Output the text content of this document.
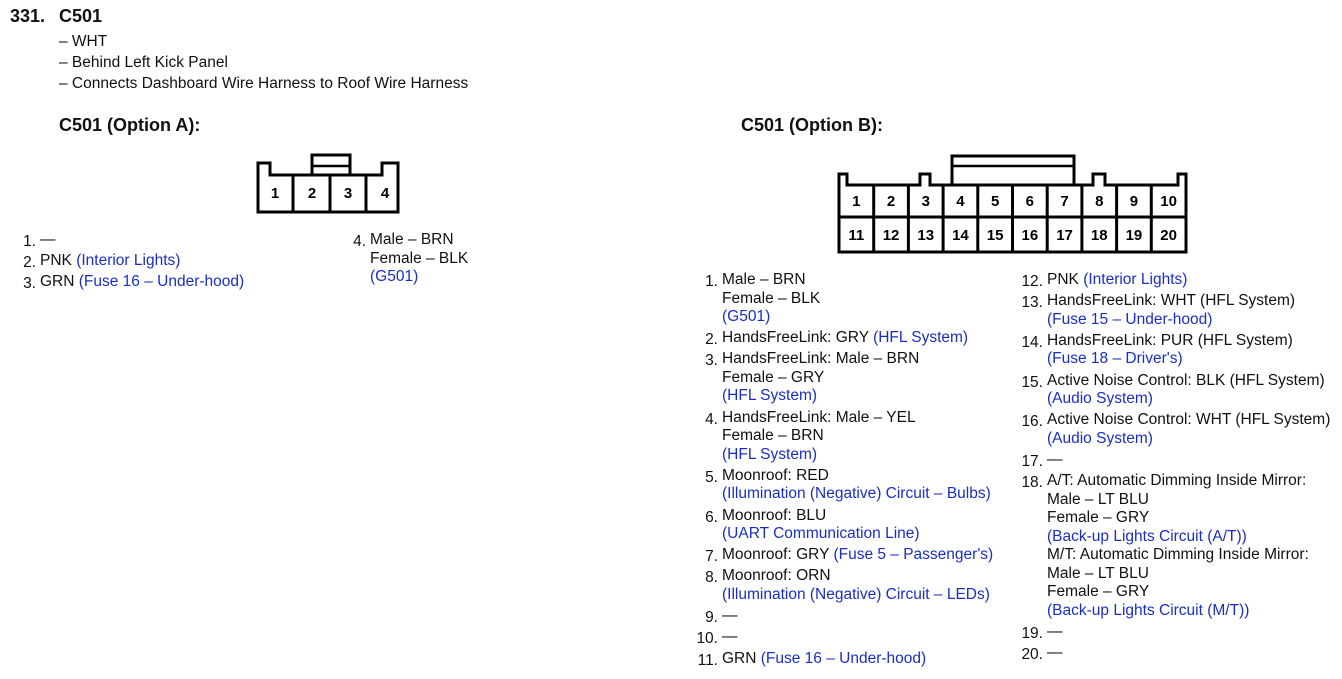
331. C501
– WHT
– Behind Left Kick Panel
– Connects Dashboard Wire Harness to Roof Wire Harness
C501 (Option A):
1 2 3 4
1. —
2. PNK (Interior Lights)
3. GRN (Fuse 16 – Under-hood)
4. Male – BRN
Female – BLK
(G501)
C501 (Option B):
1 2 3 4 5 6 7 8 9 10
11 12 13 14 15 16 17 18 19 20
1. Male – BRN
Female – BLK
(G501)
2. HandsFreeLink: GRY (HFL System)
3. HandsFreeLink: Male – BRN
Female – GRY
(HFL System)
4. HandsFreeLink: Male – YEL
Female – BRN
(HFL System)
5. Moonroof: RED
(Illumination (Negative) Circuit – Bulbs)
6. Moonroof: BLU
(UART Communication Line)
7. Moonroof: GRY (Fuse 5 – Passenger's)
8. Moonroof: ORN
(Illumination (Negative) Circuit – LEDs)
9. —
10. —
11. GRN (Fuse 16 – Under-hood)
12. PNK (Interior Lights)
13. HandsFreeLink: WHT (HFL System)
(Fuse 15 – Under-hood)
14. HandsFreeLink: PUR (HFL System)
(Fuse 18 – Driver's)
15. Active Noise Control: BLK (HFL System)
(Audio System)
16. Active Noise Control: WHT (HFL System)
(Audio System)
17. —
18. A/T: Automatic Dimming Inside Mirror:
Male – LT BLU
Female – GRY
(Back-up Lights Circuit (A/T))
M/T: Automatic Dimming Inside Mirror:
Male – LT BLU
Female – GRY
(Back-up Lights Circuit (M/T))
19. —
20. —
